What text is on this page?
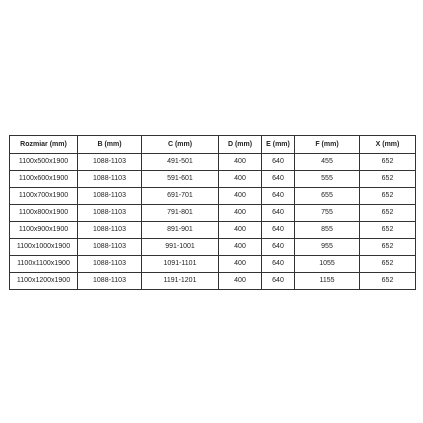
Rozmiar (mm)	B (mm)	C (mm)	D (mm)	E (mm)	F (mm)	X (mm)
1100x500x1900	1088-1103	491-501	400	640	455	652
1100x600x1900	1088-1103	591-601	400	640	555	652
1100x700x1900	1088-1103	691-701	400	640	655	652
1100x800x1900	1088-1103	791-801	400	640	755	652
1100x900x1900	1088-1103	891-901	400	640	855	652
1100x1000x1900	1088-1103	991-1001	400	640	955	652
1100x1100x1900	1088-1103	1091-1101	400	640	1055	652
1100x1200x1900	1088-1103	1191-1201	400	640	1155	652
